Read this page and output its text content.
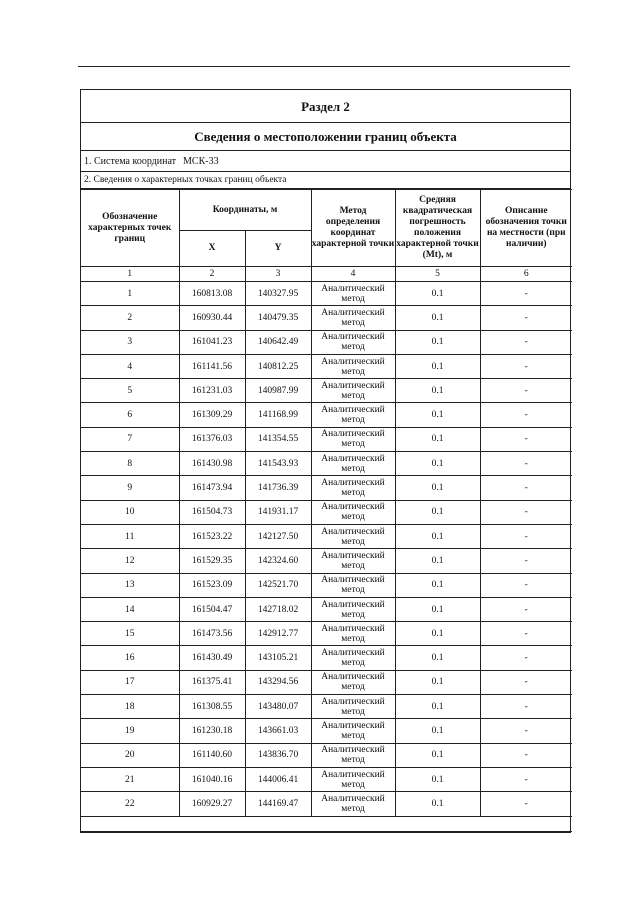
Раздел 2
Сведения о местоположении границ объекта
1. Система координат МСК-33
2. Сведения о характерных точках границ объекта
Обозначение характерных точек границ	Координаты, м		Метод определения координат характерной точки	Средняя квадратическая погрешность положения характерной точки (Mt), м	Описание обозначения точки на местности (при наличии)
	X	Y			
1	2	3	4	5	6
1	160813.08	140327.95	Аналитический метод	0.1	-
2	160930.44	140479.35	Аналитический метод	0.1	-
3	161041.23	140642.49	Аналитический метод	0.1	-
4	161141.56	140812.25	Аналитический метод	0.1	-
5	161231.03	140987.99	Аналитический метод	0.1	-
6	161309.29	141168.99	Аналитический метод	0.1	-
7	161376.03	141354.55	Аналитический метод	0.1	-
8	161430.98	141543.93	Аналитический метод	0.1	-
9	161473.94	141736.39	Аналитический метод	0.1	-
10	161504.73	141931.17	Аналитический метод	0.1	-
11	161523.22	142127.50	Аналитический метод	0.1	-
12	161529.35	142324.60	Аналитический метод	0.1	-
13	161523.09	142521.70	Аналитический метод	0.1	-
14	161504.47	142718.02	Аналитический метод	0.1	-
15	161473.56	142912.77	Аналитический метод	0.1	-
16	161430.49	143105.21	Аналитический метод	0.1	-
17	161375.41	143294.56	Аналитический метод	0.1	-
18	161308.55	143480.07	Аналитический метод	0.1	-
19	161230.18	143661.03	Аналитический метод	0.1	-
20	161140.60	143836.70	Аналитический метод	0.1	-
21	161040.16	144006.41	Аналитический метод	0.1	-
22	160929.27	144169.47	Аналитический метод	0.1	-
